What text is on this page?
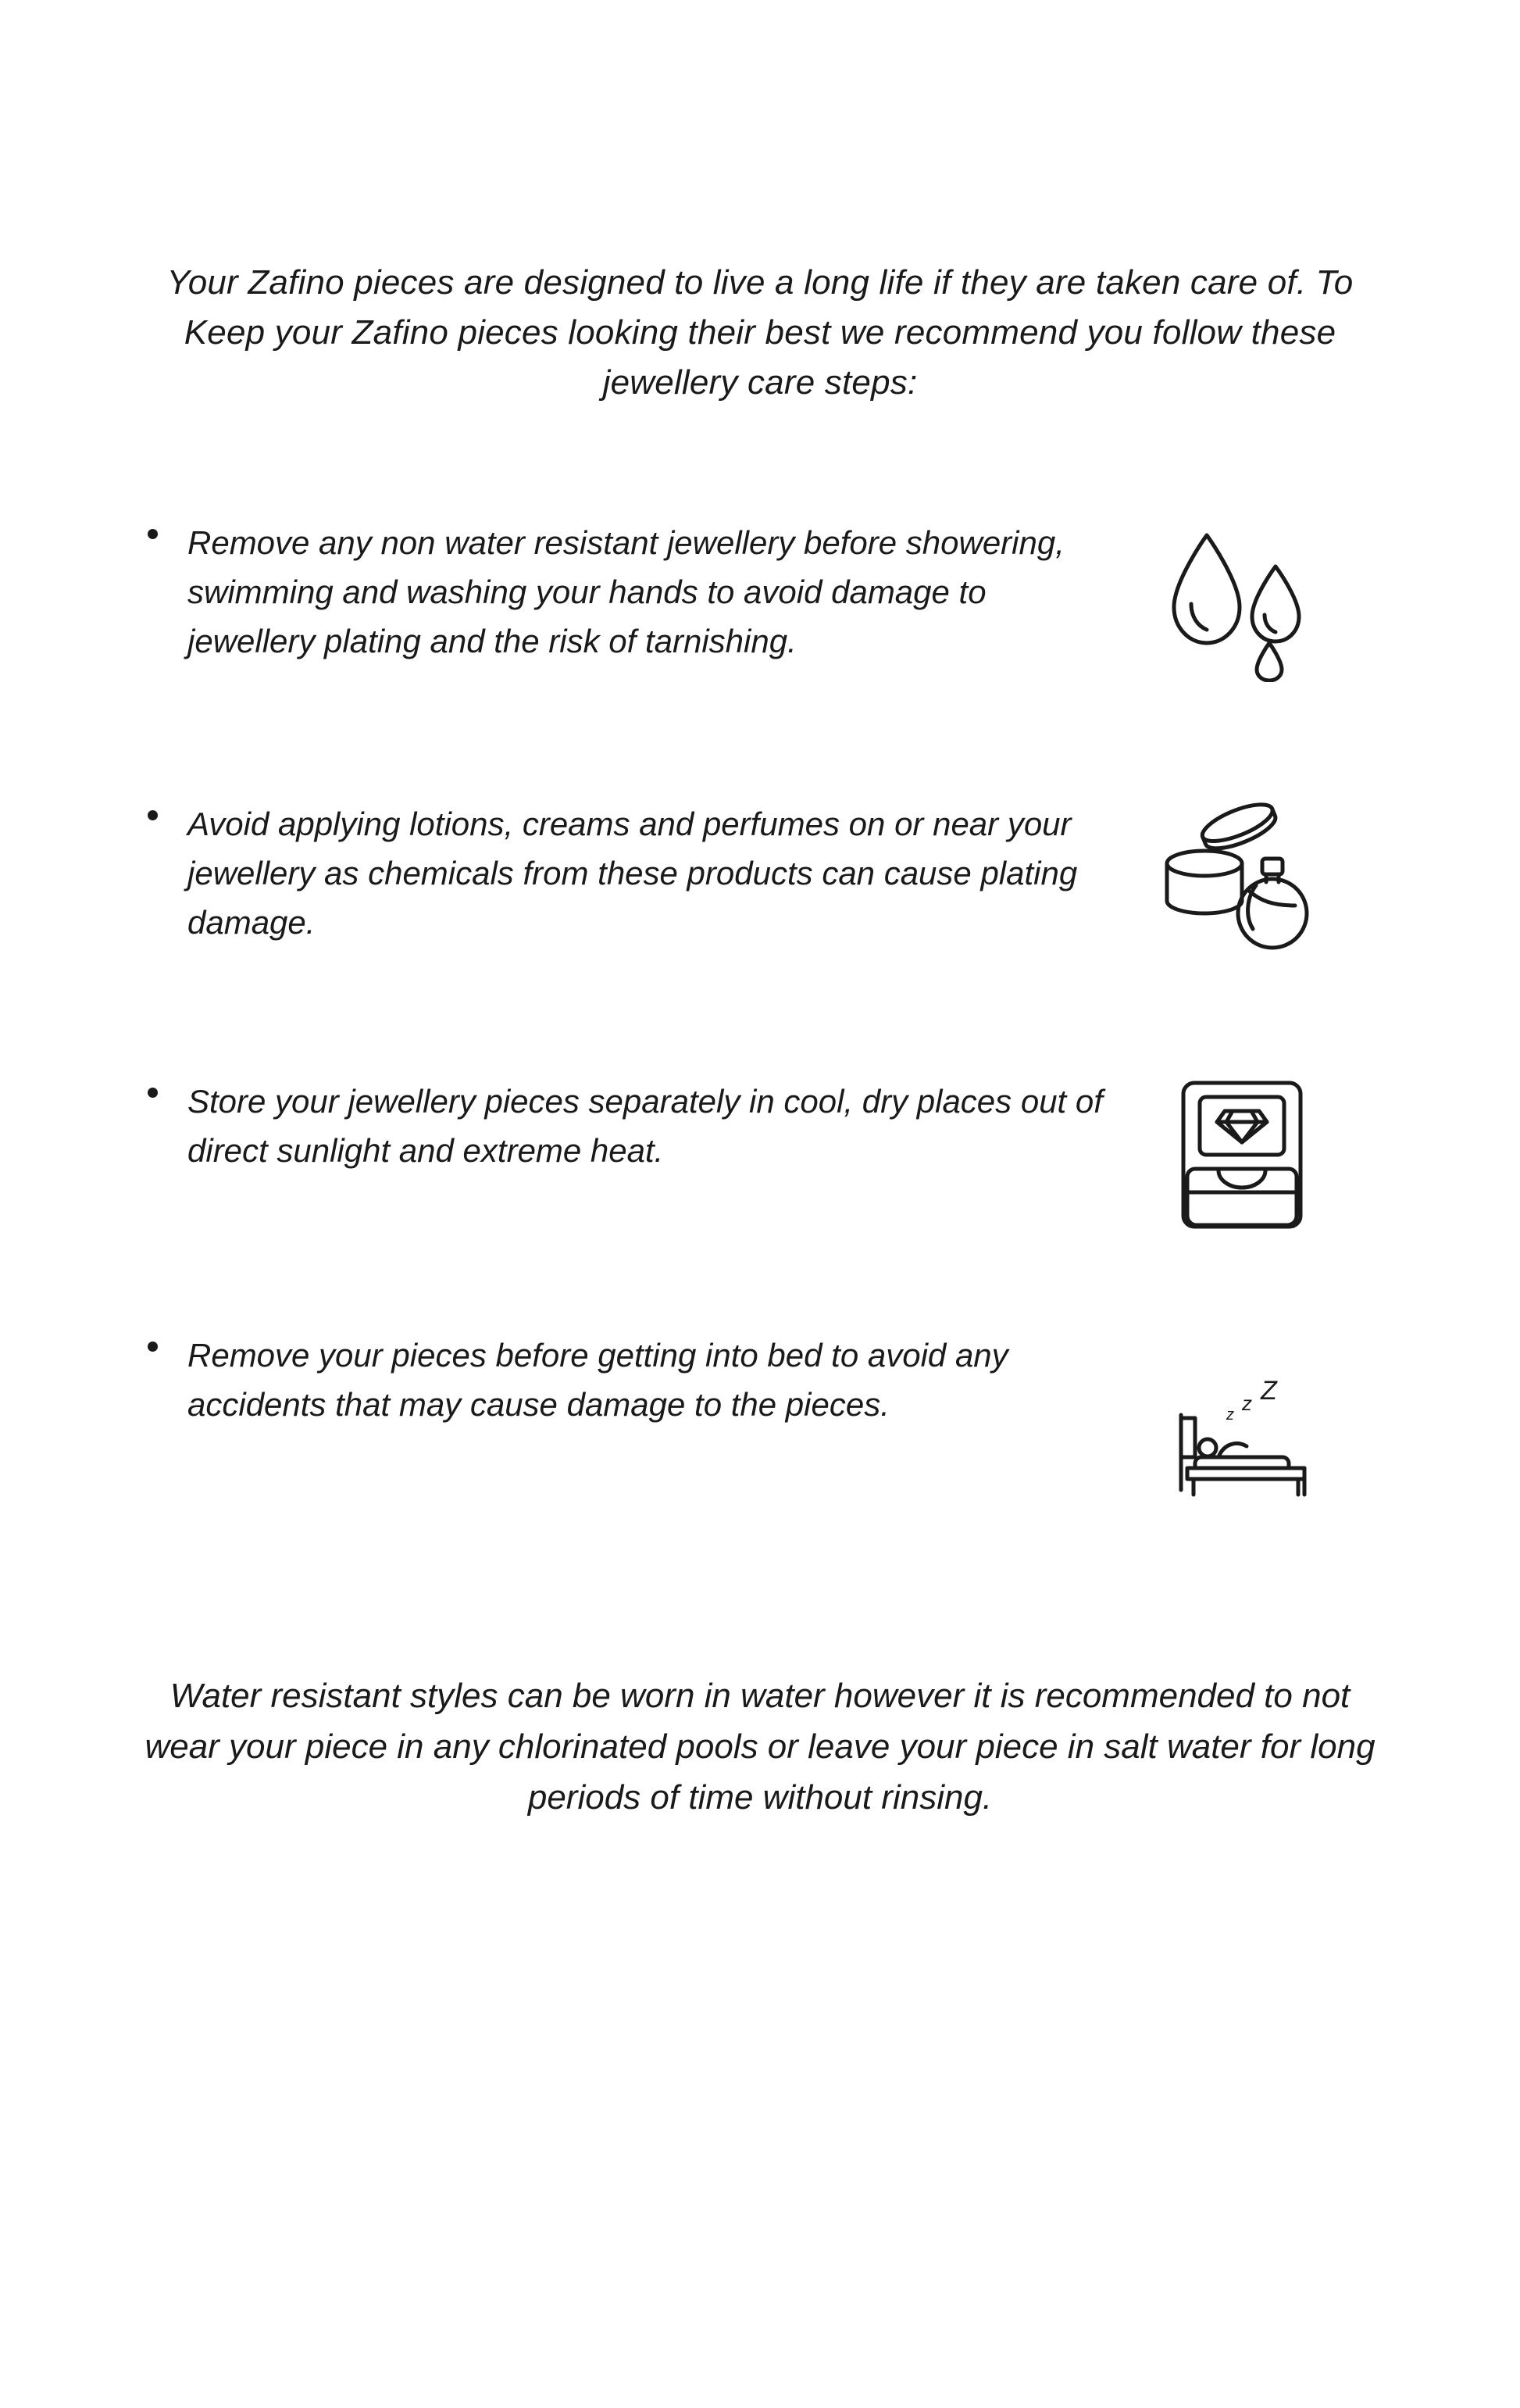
Your Zafino pieces are designed to live a long life if they are taken care of. To Keep your Zafino pieces looking their best we recommend you follow these jewellery care steps:

Remove any non water resistant jewellery before showering, swimming and washing your hands to avoid damage to jewellery plating and the risk of tarnishing.
Avoid applying lotions, creams and perfumes on or near your jewellery as chemicals from these products can cause plating damage.
Store your jewellery pieces separately in cool, dry places out of direct sunlight and extreme heat.
Remove your pieces before getting into bed to avoid any accidents that may cause damage to the pieces.	Z
z
z

Water resistant styles can be worn in water however it is recommended to not wear your piece in any chlorinated pools or leave your piece in salt water for long periods of time without rinsing.
